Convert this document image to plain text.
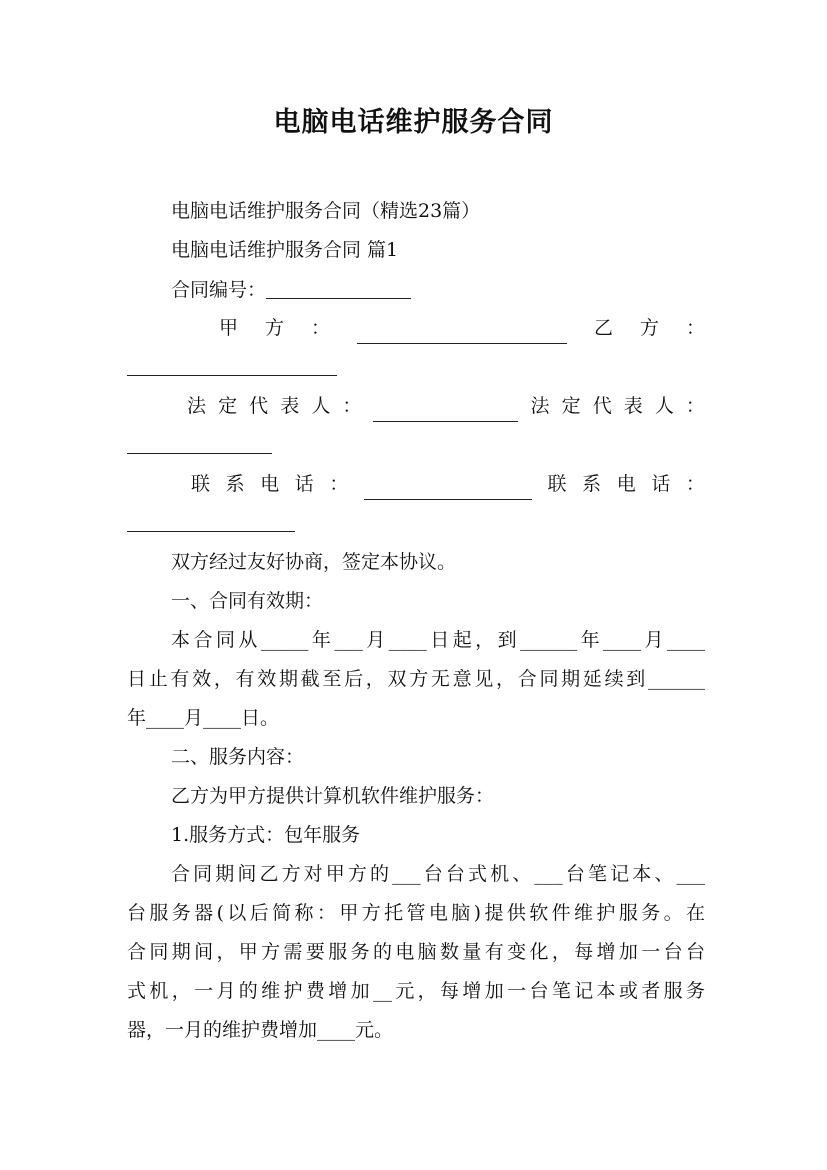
电脑电话维护服务合同
电脑电话维护服务合同（精选23篇）
电脑电话维护服务合同 篇1
合同编号：
甲 方 ：	乙 方 ：
法 定 代 表 人 ：	法 定 代 表 人 ：
联 系 电 话 ：	联 系 电 话 ：
双方经过友好协商，签定本协议。
一、合同有效期：
本合同从_____年___月____日起，到______年____月____
日止有效，有效期截至后，双方无意见，合同期延续到______
年____月____日。
二、服务内容：
乙方为甲方提供计算机软件维护服务：
1.服务方式：包年服务
合同期间乙方对甲方的___台台式机、___台笔记本、___
台服务器(以后简称：甲方托管电脑)提供软件维护服务。在
合同期间，甲方需要服务的电脑数量有变化，每增加一台台
式机，一月的维护费增加__元，每增加一台笔记本或者服务
器，一月的维护费增加____元。
